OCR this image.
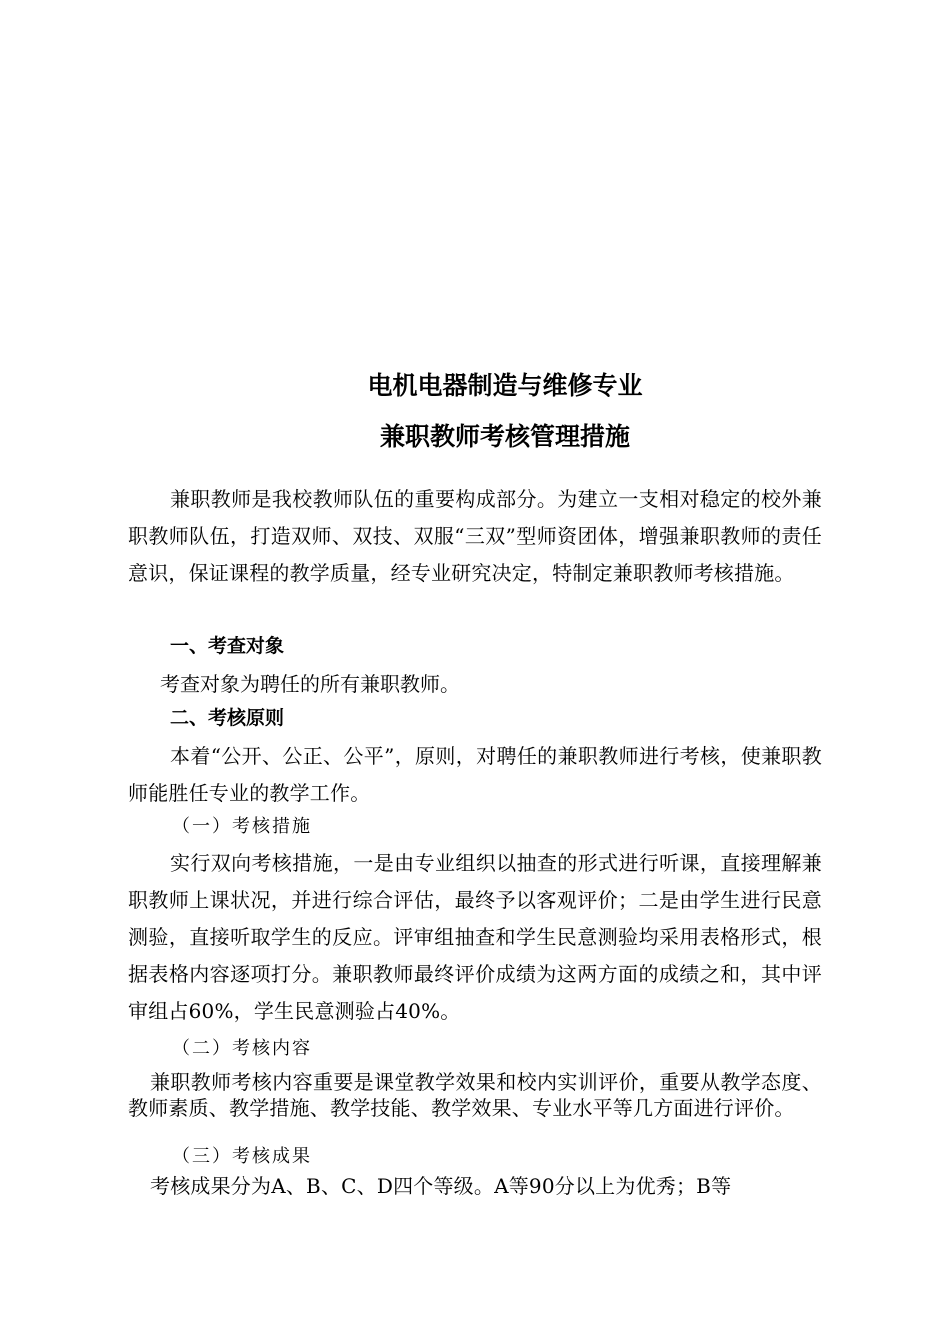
电机电器制造与维修专业
兼职教师考核管理措施
兼职教师是我校教师队伍的重要构成部分。为建立一支相对稳定的校外兼职教师队伍，打造双师、双技、双服“三双”型师资团体，增强兼职教师的责任意识，保证课程的教学质量，经专业研究决定，特制定兼职教师考核措施。
一、考查对象
考查对象为聘任的所有兼职教师。
二、考核原则
本着“公开、公正、公平”，原则，对聘任的兼职教师进行考核，使兼职教师能胜任专业的教学工作。
（一）考核措施
实行双向考核措施，一是由专业组织以抽查的形式进行听课，直接理解兼职教师上课状况，并进行综合评估，最终予以客观评价；二是由学生进行民意测验，直接听取学生的反应。评审组抽查和学生民意测验均采用表格形式，根据表格内容逐项打分。兼职教师最终评价成绩为这两方面的成绩之和，其中评审组占60%，学生民意测验占40%。
（二）考核内容
兼职教师考核内容重要是课堂教学效果和校内实训评价，重要从教学态度、教师素质、教学措施、教学技能、教学效果、专业水平等几方面进行评价。
（三）考核成果
考核成果分为A、B、C、D四个等级。A等90分以上为优秀；B等
